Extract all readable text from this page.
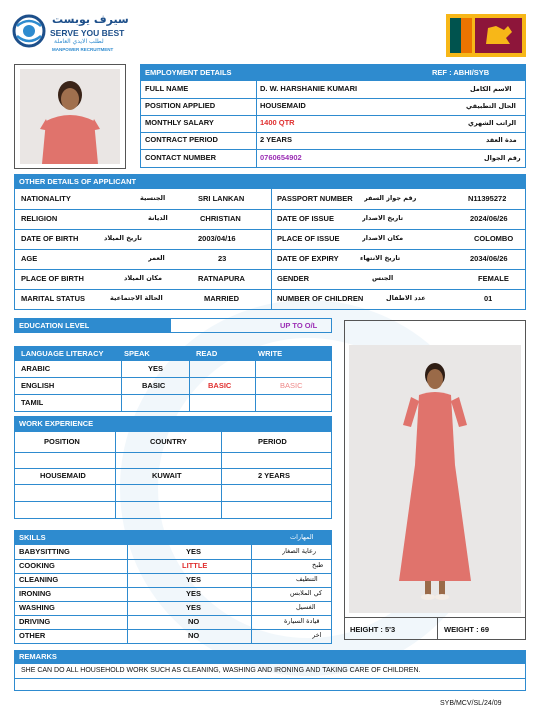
سيرف يوبست
SERVE YOU BEST
لطلب الايدي العاملة
MANPOWER RECRUITMENT
EMPLOYMENT DETAILS	REF : ABHI/SYB
FULL NAME	D. W. HARSHANIE KUMARI	الاسم الكامل
POSITION APPLIED	HOUSEMAID	الحال التطبيقي
MONTHLY SALARY	1400 QTR	الراتب الشهري
CONTRACT PERIOD	2 YEARS	مدة العقد
CONTACT NUMBER	0760654902	رقم الجوال
OTHER DETAILS OF APPLICANT
NATIONALITY	الجنسية	SRI LANKAN	PASSPORT NUMBER رقم جواز السفر	N11395272
RELIGION	الديانة	CHRISTIAN	DATE OF ISSUE	تاريخ الاصدار	2024/06/26
DATE OF BIRTH	تاريخ الميلاد	2003/04/16	PLACE OF ISSUE	مكان الاصدار	COLOMBO
AGE	العمر	23	DATE OF EXPIRY	تاريخ الانتهاء	2034/06/26
PLACE OF BIRTH	مكان الميلاد	RATNAPURA	GENDER	الجنس	FEMALE
MARITAL STATUS	الحالة الاجتماعية	MARRIED	NUMBER OF CHILDREN	عدد الاطفال	01
EDUCATION LEVEL	UP TO O/L
LANGUAGE LITERACY	SPEAK	READ	WRITE
ARABIC	YES
ENGLISH	BASIC	BASIC	BASIC
TAMIL
WORK EXPERIENCE
POSITION	COUNTRY	PERIOD
HOUSEMAID	KUWAIT	2 YEARS
SKILLS	المهارات
BABYSITTING	YES	رعاية الصغار
COOKING	LITTLE	طبخ
CLEANING	YES	التنظيف
IRONING	YES	كي الملابس
WASHING	YES	الغسيل
DRIVING	NO	قيادة السيارة
OTHER	NO	اخر
HEIGHT : 5'3	WEIGHT : 69
REMARKS
SHE CAN DO ALL HOUSEHOLD WORK SUCH AS CLEANING, WASHING AND IRONING AND TAKING CARE OF CHILDREN.
SYB/MCV/SL/24/09
